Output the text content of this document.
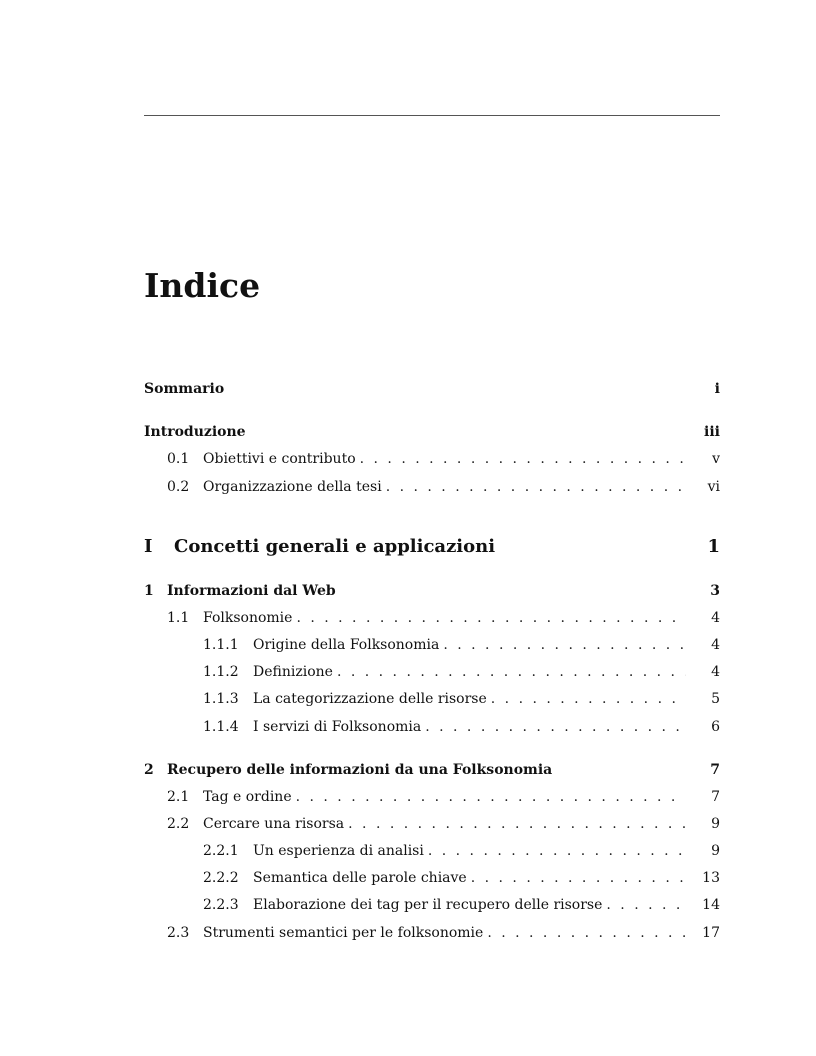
Indice
Sommario	i
Introduzione	iii
0.1 Obiettivi e contributo . . .	v
0.2 Organizzazione della tesi . . .	vi
I	Concetti generali e applicazioni	1
1 Informazioni dal Web	3
1.1 Folksonomie . . .	4
1.1.1	Origine della Folksonomia . . .	4
1.1.2	Definizione . . .	4
1.1.3	La categorizzazione delle risorse . . .	5
1.1.4	I servizi di Folksonomia . . .	6
2 Recupero delle informazioni da una Folksonomia	7
2.1 Tag e ordine . . .	7
2.2 Cercare una risorsa . . .	9
2.2.1	Un esperienza di analisi . . .	9
2.2.2	Semantica delle parole chiave . . .	13
2.2.3	Elaborazione dei tag per il recupero delle risorse . . .	14
2.3 Strumenti semantici per le folksonomie . . .	17
